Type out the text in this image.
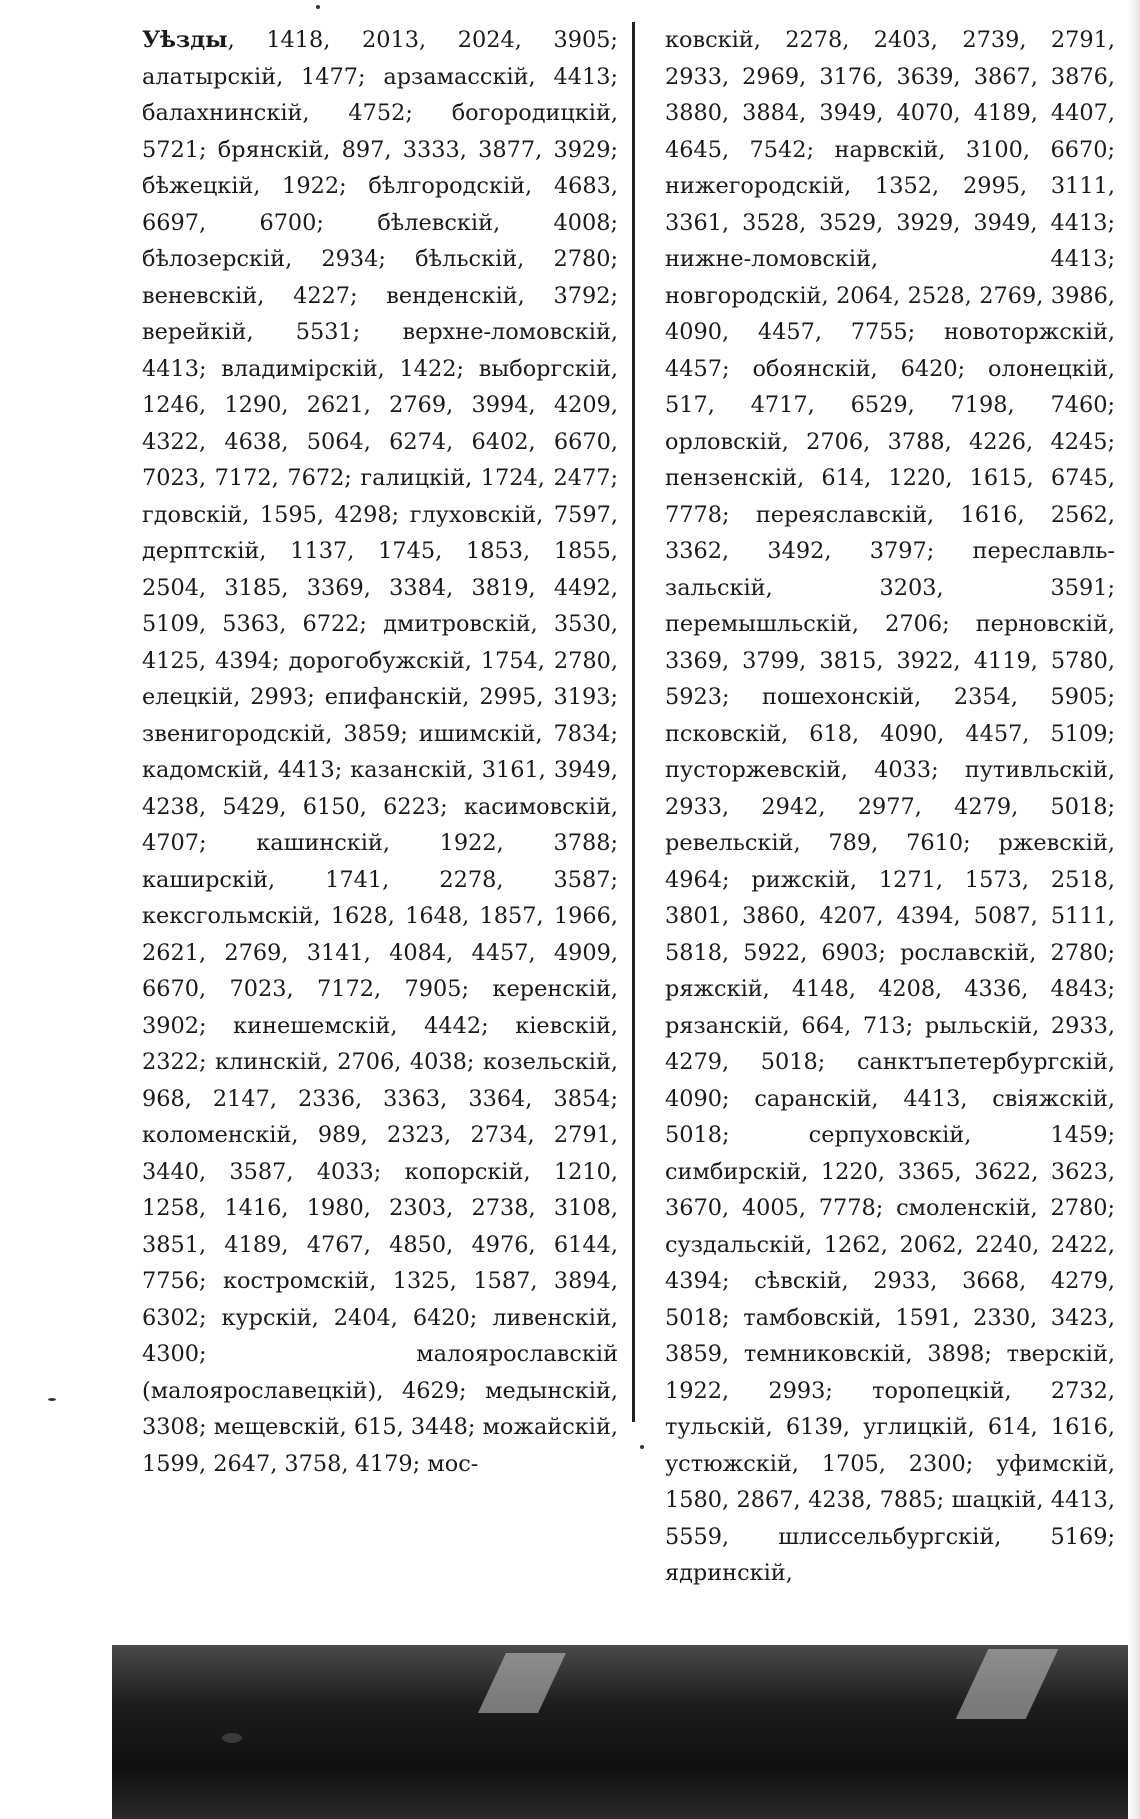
Уѣзды, 1418, 2013, 2024, 3905; алатырскій, 1477; арзамасскій, 4413; балахнинскій, 4752; богородицкій, 5721; брянскій, 897, 3333, 3877, 3929; бѣжецкій, 1922; бѣлгородскій, 4683, 6697, 6700; бѣлевскій, 4008; бѣлозерскій, 2934; бѣльскій, 2780; веневскій, 4227; венденскій, 3792; верейкій, 5531; верхне-ломовскій, 4413; владимірскій, 1422; выборгскій, 1246, 1290, 2621, 2769, 3994, 4209, 4322, 4638, 5064, 6274, 6402, 6670, 7023, 7172, 7672; галицкій, 1724, 2477; гдовскій, 1595, 4298; глуховскій, 7597, дерптскій, 1137, 1745, 1853, 1855, 2504, 3185, 3369, 3384, 3819, 4492, 5109, 5363, 6722; дмитровскій, 3530, 4125, 4394; дорогобужскій, 1754, 2780, елецкій, 2993; епифанскій, 2995, 3193; звенигородскій, 3859; ишимскій, 7834; кадомскій, 4413; казанскій, 3161, 3949, 4238, 5429, 6150, 6223; касимовскій, 4707; кашинскій, 1922, 3788; каширскій, 1741, 2278, 3587; кексгольмскій, 1628, 1648, 1857, 1966, 2621, 2769, 3141, 4084, 4457, 4909, 6670, 7023, 7172, 7905; керенскій, 3902; кинешемскій, 4442; кіевскій, 2322; клинскій, 2706, 4038; козельскій, 968, 2147, 2336, 3363, 3364, 3854; коломенскій, 989, 2323, 2734, 2791, 3440, 3587, 4033; копорскій, 1210, 1258, 1416, 1980, 2303, 2738, 3108, 3851, 4189, 4767, 4850, 4976, 6144, 7756; костромскій, 1325, 1587, 3894, 6302; курскій, 2404, 6420; ливенскій, 4300; малоярославскій (малоярославецкій), 4629; медынскій, 3308; мещевскій, 615, 3448; можайскій, 1599, 2647, 3758, 4179; мос-

ковскій, 2278, 2403, 2739, 2791, 2933, 2969, 3176, 3639, 3867, 3876, 3880, 3884, 3949, 4070, 4189, 4407, 4645, 7542; нарвскій, 3100, 6670; нижегородскій, 1352, 2995, 3111, 3361, 3528, 3529, 3929, 3949, 4413; нижне-ломовскій, 4413; новгородскій, 2064, 2528, 2769, 3986, 4090, 4457, 7755; новоторжскій, 4457; обоянскій, 6420; олонецкій, 517, 4717, 6529, 7198, 7460; орловскій, 2706, 3788, 4226, 4245; пензенскій, 614, 1220, 1615, 6745, 7778; переяславскій, 1616, 2562, 3362, 3492, 3797; переславль-зальскій, 3203, 3591; перемышльскій, 2706; перновскій, 3369, 3799, 3815, 3922, 4119, 5780, 5923; пошехонскій, 2354, 5905; псковскій, 618, 4090, 4457, 5109; пусторжевскій, 4033; путивльскій, 2933, 2942, 2977, 4279, 5018; ревельскій, 789, 7610; ржевскій, 4964; рижскій, 1271, 1573, 2518, 3801, 3860, 4207, 4394, 5087, 5111, 5818, 5922, 6903; рославскій, 2780; ряжскій, 4148, 4208, 4336, 4843; рязанскій, 664, 713; рыльскій, 2933, 4279, 5018; санктъпетербургскій, 4090; саранскій, 4413, свіяжскій, 5018; серпуховскій, 1459; симбирскій, 1220, 3365, 3622, 3623, 3670, 4005, 7778; смоленскій, 2780; суздальскій, 1262, 2062, 2240, 2422, 4394; сѣвскій, 2933, 3668, 4279, 5018; тамбовскій, 1591, 2330, 3423, 3859, темниковскій, 3898; тверскій, 1922, 2993; торопецкій, 2732, тульскій, 6139, углицкій, 614, 1616, устюжскій, 1705, 2300; уфимскій, 1580, 2867, 4238, 7885; шацкій, 4413, 5559, шлиссельбургскій, 5169; ядринскій,
